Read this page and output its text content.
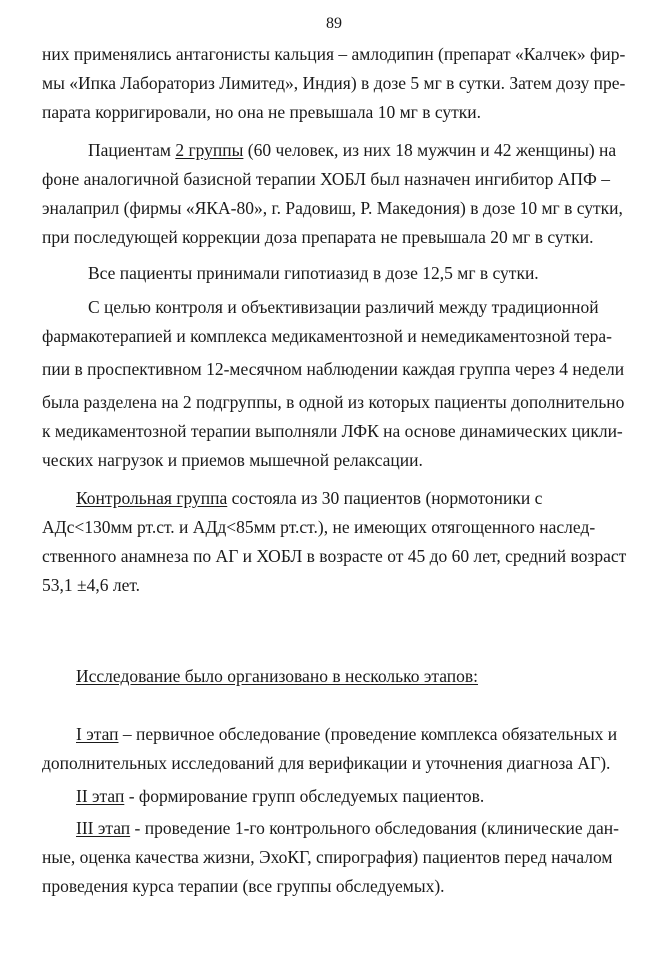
89
них применялись антагонисты кальция – амлодипин (препарат «Калчек» фир-
мы «Ипка Лабораториз Лимитед», Индия) в дозе 5 мг в сутки. Затем дозу пре-
парата корригировали, но она не превышала 10 мг в сутки.
Пациентам 2 группы (60 человек, из них 18 мужчин и 42 женщины) на
фоне аналогичной базисной терапии ХОБЛ был назначен ингибитор АПФ –
эналаприл (фирмы «ЯКА-80», г. Радовиш, Р. Македония) в дозе 10 мг в сутки,
при последующей коррекции доза препарата не превышала 20 мг в сутки.
Все пациенты принимали гипотиазид в дозе 12,5 мг в сутки.
С целью контроля и объективизации различий между традиционной
фармакотерапией и комплекса медикаментозной и немедикаментозной тера-
пии в проспективном 12-месячном наблюдении каждая группа через 4 недели
была разделена на 2 подгруппы, в одной из которых пациенты дополнительно
к медикаментозной терапии выполняли ЛФК на основе динамических цикли-
ческих нагрузок и приемов мышечной релаксации.
Контрольная группа состояла из 30 пациентов (нормотоники с
АДс<130мм рт.ст. и АДд<85мм рт.ст.), не имеющих отягощенного наслед-
ственного анамнеза по АГ и ХОБЛ в возрасте от 45 до 60 лет, средний возраст
53,1 ±4,6 лет.
Исследование было организовано в несколько этапов:
I этап – первичное обследование (проведение комплекса обязательных и
дополнительных исследований для верификации и уточнения диагноза АГ).
II этап - формирование групп обследуемых пациентов.
III этап - проведение 1-го контрольного обследования (клинические дан-
ные, оценка качества жизни, ЭхоКГ, спирография) пациентов перед началом
проведения курса терапии (все группы обследуемых).
